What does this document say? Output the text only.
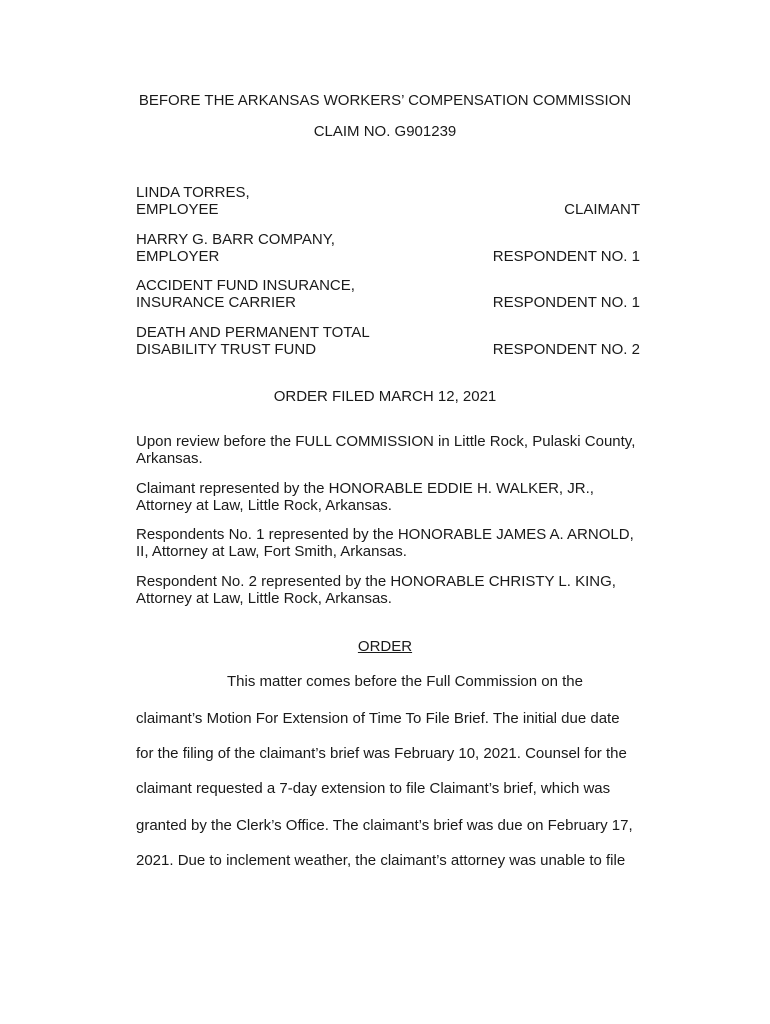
BEFORE THE ARKANSAS WORKERS’ COMPENSATION COMMISSION
CLAIM NO. G901239
LINDA TORRES,
EMPLOYEE	CLAIMANT
HARRY G. BARR COMPANY,
EMPLOYER	RESPONDENT NO. 1
ACCIDENT FUND INSURANCE,
INSURANCE CARRIER	RESPONDENT NO. 1
DEATH AND PERMANENT TOTAL
DISABILITY TRUST FUND	RESPONDENT NO. 2
ORDER FILED MARCH 12, 2021
Upon review before the FULL COMMISSION in Little Rock, Pulaski County, Arkansas.
Claimant represented by the HONORABLE EDDIE H. WALKER, JR., Attorney at Law, Little Rock, Arkansas.
Respondents No. 1 represented by the HONORABLE JAMES A. ARNOLD, II, Attorney at Law, Fort Smith, Arkansas.
Respondent No. 2 represented by the HONORABLE CHRISTY L. KING, Attorney at Law, Little Rock, Arkansas.
ORDER
This matter comes before the Full Commission on the
claimant’s Motion For Extension of Time To File Brief. The initial due date
for the filing of the claimant’s brief was February 10, 2021. Counsel for the
claimant requested a 7-day extension to file Claimant’s brief, which was
granted by the Clerk’s Office. The claimant’s brief was due on February 17,
2021. Due to inclement weather, the claimant’s attorney was unable to file
